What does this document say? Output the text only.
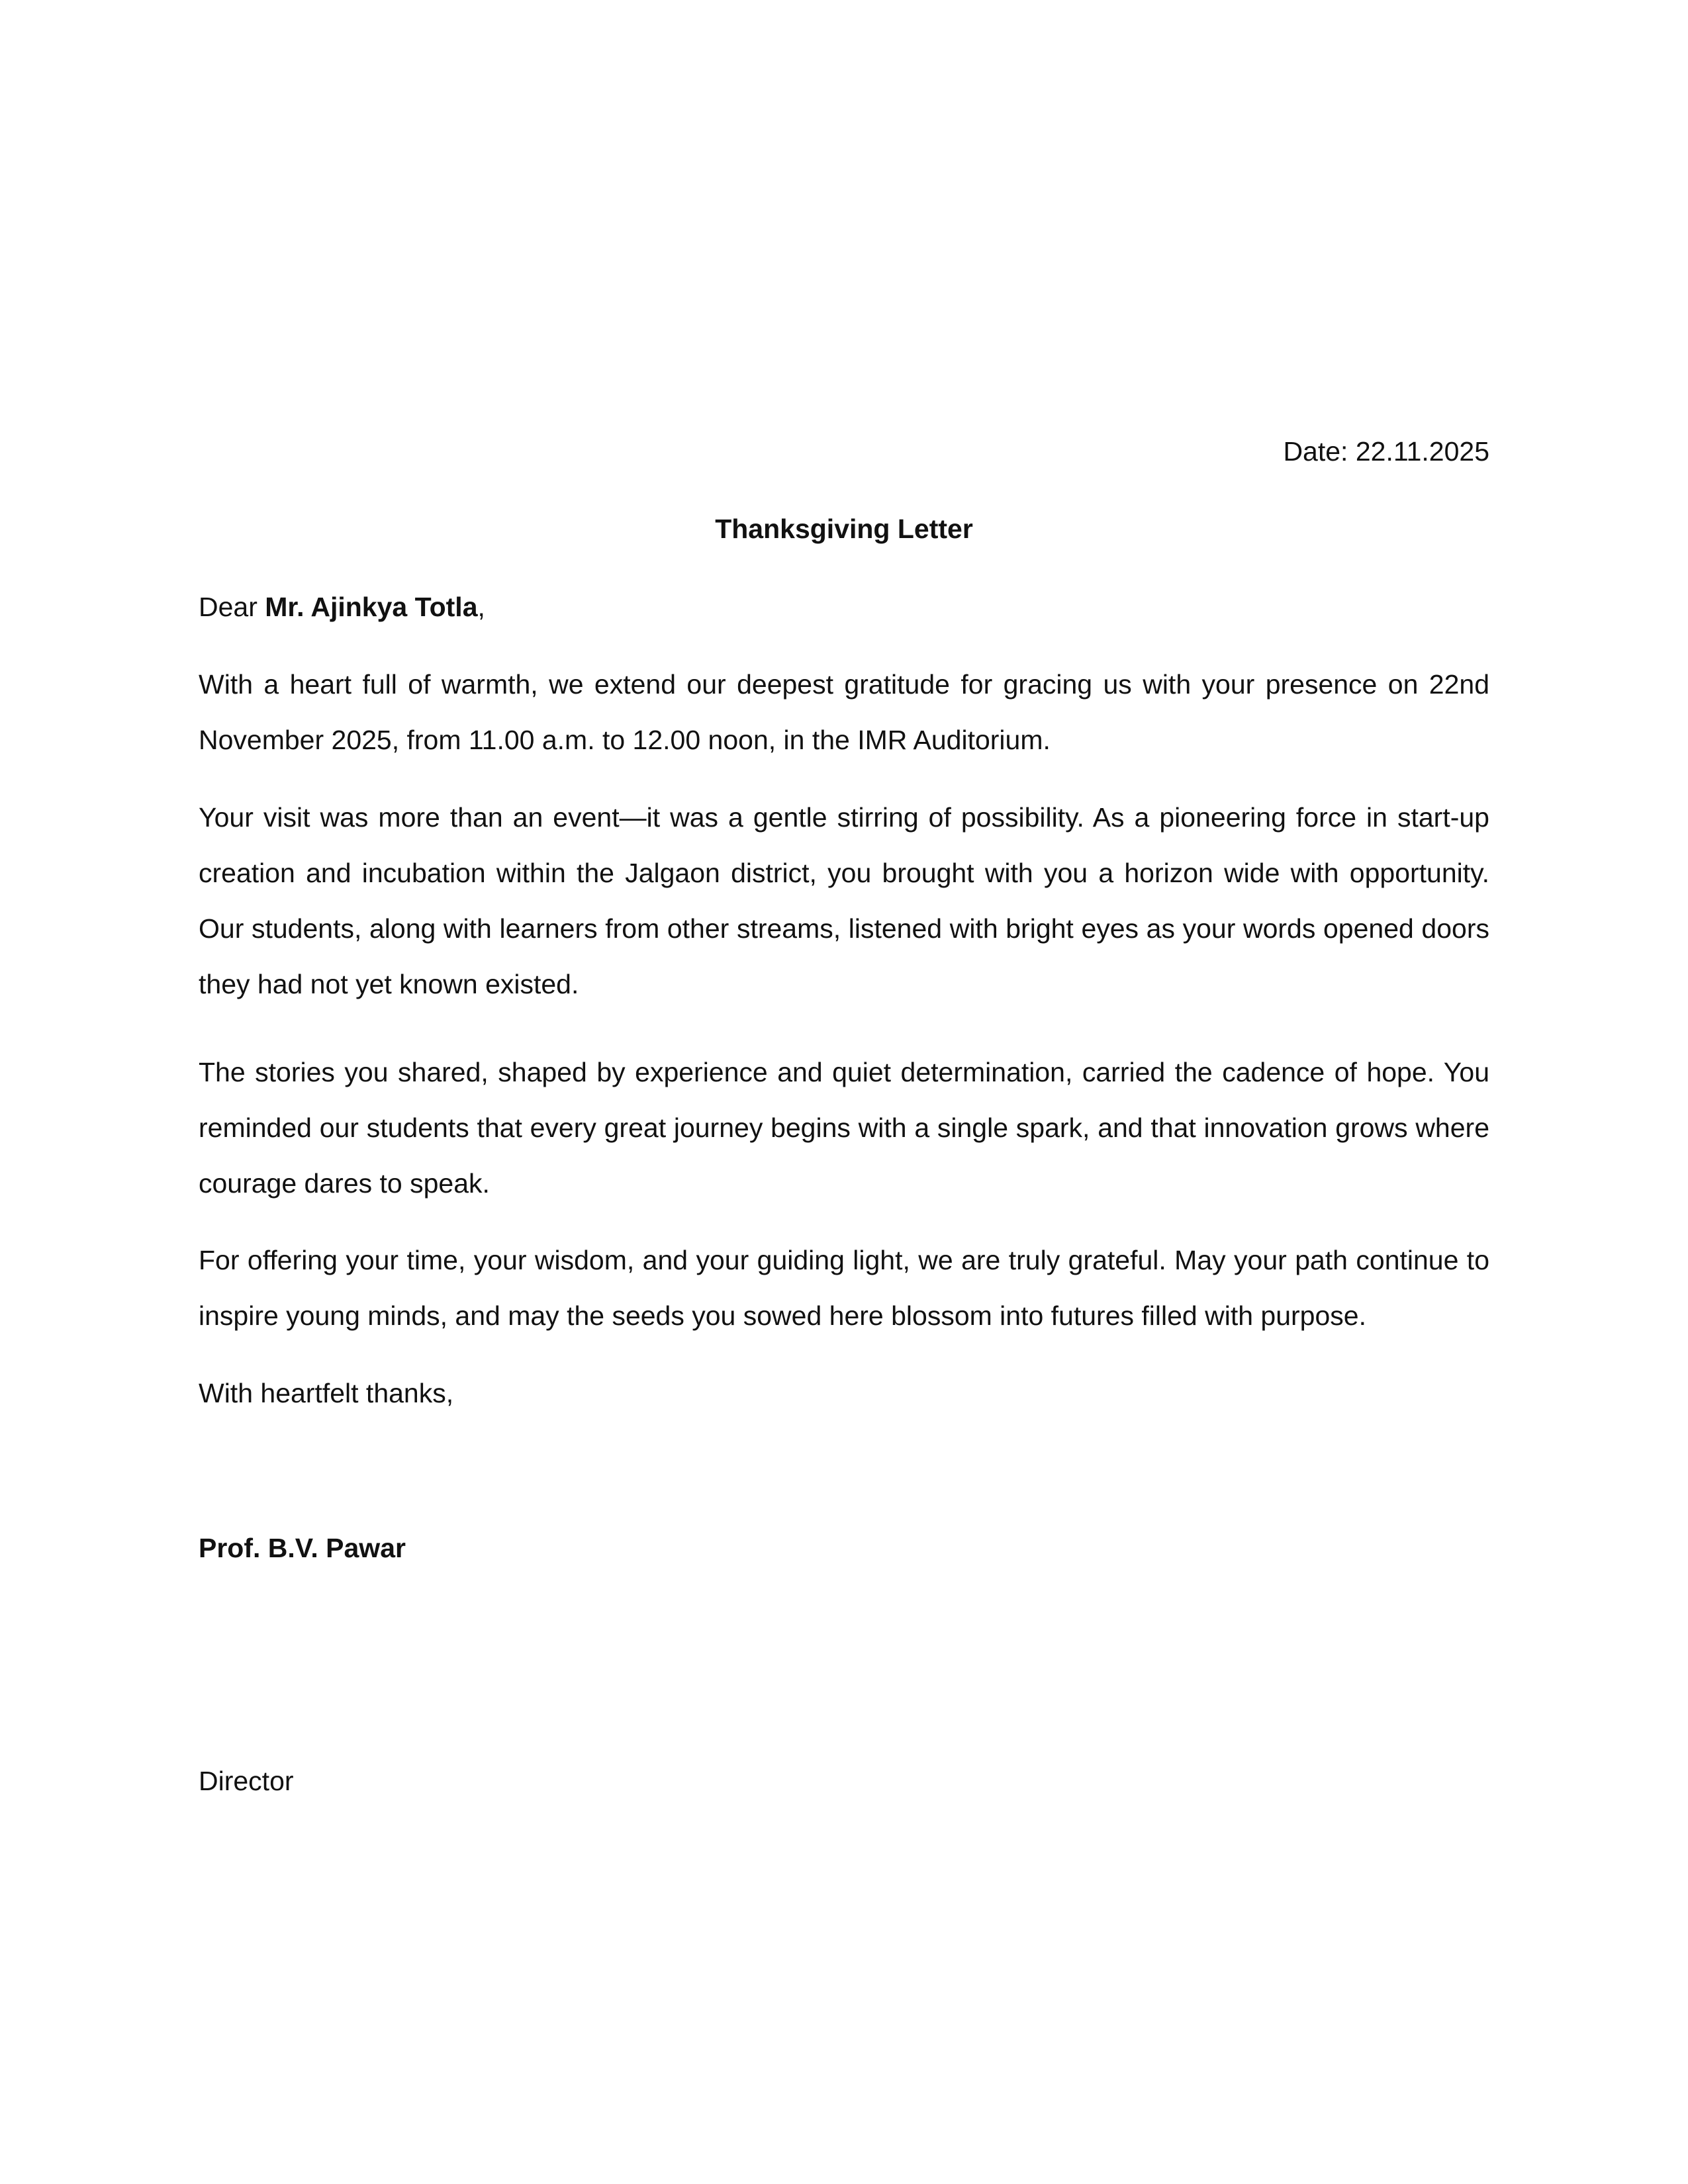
Date: 22.11.2025
Thanksgiving Letter
Dear Mr. Ajinkya Totla,
With a heart full of warmth, we extend our deepest gratitude for gracing us with your presence on 22nd November 2025, from 11.00 a.m. to 12.00 noon, in the IMR Auditorium.
Your visit was more than an event—it was a gentle stirring of possibility. As a pioneering force in start-up creation and incubation within the Jalgaon district, you brought with you a horizon wide with opportunity. Our students, along with learners from other streams, listened with bright eyes as your words opened doors they had not yet known existed.
The stories you shared, shaped by experience and quiet determination, carried the cadence of hope. You reminded our students that every great journey begins with a single spark, and that innovation grows where courage dares to speak.
For offering your time, your wisdom, and your guiding light, we are truly grateful. May your path continue to inspire young minds, and may the seeds you sowed here blossom into futures filled with purpose.
With heartfelt thanks,
Prof. B.V. Pawar
Director
